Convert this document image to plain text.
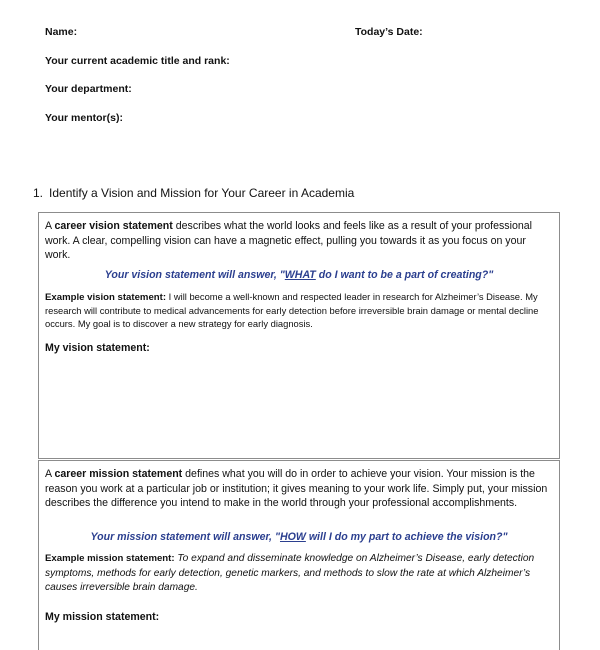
Name:	Today’s Date:
Your current academic title and rank:
Your department:
Your mentor(s):
1. Identify a Vision and Mission for Your Career in Academia
A career vision statement describes what the world looks and feels like as a result of your professional work. A clear, compelling vision can have a magnetic effect, pulling you towards it as you focus on your work.
Your vision statement will answer, "WHAT do I want to be a part of creating?"
Example vision statement: I will become a well-known and respected leader in research for Alzheimer’s Disease. My research will contribute to medical advancements for early detection before irreversible brain damage or mental decline occurs. My goal is to discover a new strategy for early diagnosis.
My vision statement:
A career mission statement defines what you will do in order to achieve your vision. Your mission is the reason you work at a particular job or institution; it gives meaning to your work life. Simply put, your mission describes the difference you intend to make in the world through your professional accomplishments.
Your mission statement will answer, "HOW will I do my part to achieve the vision?"
Example mission statement: To expand and disseminate knowledge on Alzheimer’s Disease, early detection symptoms, methods for early detection, genetic markers, and methods to slow the rate at which Alzheimer’s causes irreversible brain damage.
My mission statement:
